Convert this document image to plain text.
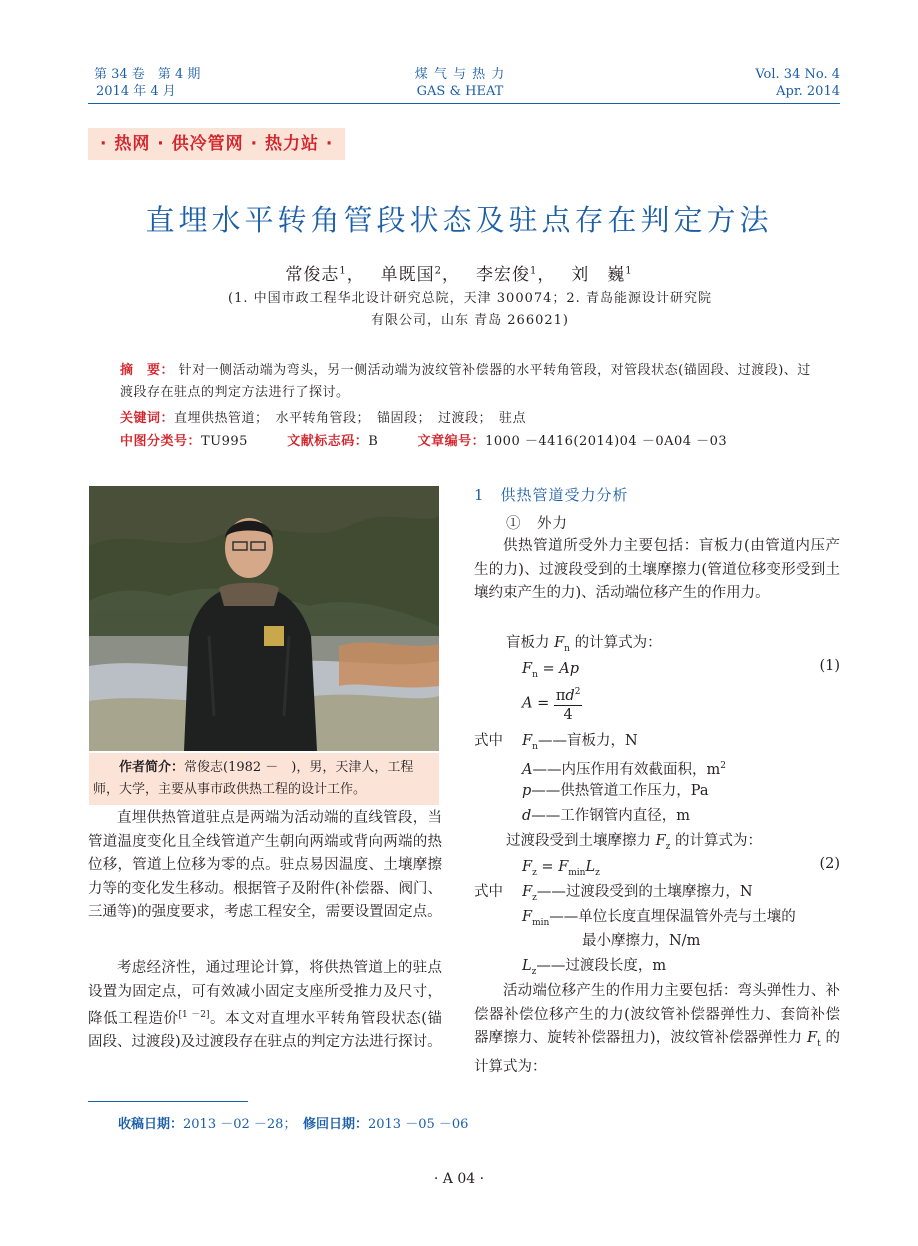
第 34 卷　第 4 期
2014 年 4 月
煤 气 与 热 力
GAS & HEAT
Vol. 34 No. 4
Apr. 2014
· 热网 · 供冷管网 · 热力站 ·
直埋水平转角管段状态及驻点存在判定方法
常俊志$^1$，　 单既国$^2$，　 李宏俊$^1$，　 刘　巍$^1$
(1. 中国市政工程华北设计研究总院，天津 300074；2. 青岛能源设计研究院
有限公司，山东 青岛 266021)
摘　要： 针对一侧活动端为弯头，另一侧活动端为波纹管补偿器的水平转角管段，对管段状态(锚固段、过渡段)、过渡段存在驻点的判定方法进行了探讨。
关键词：直埋供热管道；　水平转角管段；　锚固段；　过渡段；　驻点
中图分类号：TU995	文献标志码：B	文章编号：1000 －4416(2014)04 －0A04 －03
作者简介：常俊志(1982 －　)，男，天津人，工程师，大学，主要从事市政供热工程的设计工作。
直埋供热管道驻点是两端为活动端的直线管段，当管道温度变化且全线管道产生朝向两端或背向两端的热位移，管道上位移为零的点。驻点易因温度、土壤摩擦力等的变化发生移动。根据管子及附件(补偿器、阀门、三通等)的强度要求，考虑工程安全，需要设置固定点。
考虑经济性，通过理论计算，将供热管道上的驻点设置为固定点，可有效减小固定支座所受推力及尺寸，降低工程造价[1 －2]。本文对直埋水平转角管段状态(锚固段、过渡段)及过渡段存在驻点的判定方法进行探讨。
1　供热管道受力分析
①　外力
供热管道所受外力主要包括：盲板力(由管道内压产生的力)、过渡段受到的土壤摩擦力(管道位移变形受到土壤约束产生的力)、活动端位移产生的作用力。
盲板力 $F_n$ 的计算式为：
$F_n = Ap$	(1)
$A = \frac{\pi d^2}{4}$
式中　 $F_n——$盲板力，N
A——内压作用有效截面积，$m^2$
p——供热管道工作压力，Pa
d——工作钢管内直径，m
过渡段受到土壤摩擦力 $F_z$ 的计算式为：
$F_z = F_{min}L_z$
(2)
式中　 $F_z——$过渡段受到的土壤摩擦力，N
$F_{min}——$单位长度直埋保温管外壳与土壤的
最小摩擦力，N/m
$L_z——$过渡段长度，m
活动端位移产生的作用力主要包括：弯头弹性力、补偿器补偿位移产生的力(波纹管补偿器弹性力、套筒补偿器摩擦力、旋转补偿器扭力)，波纹管补偿器弹性力 $F_t$ 的计算式为：
收稿日期：2013 －02 －28；　 修回日期：2013 －05 －06
· A 04 ·
